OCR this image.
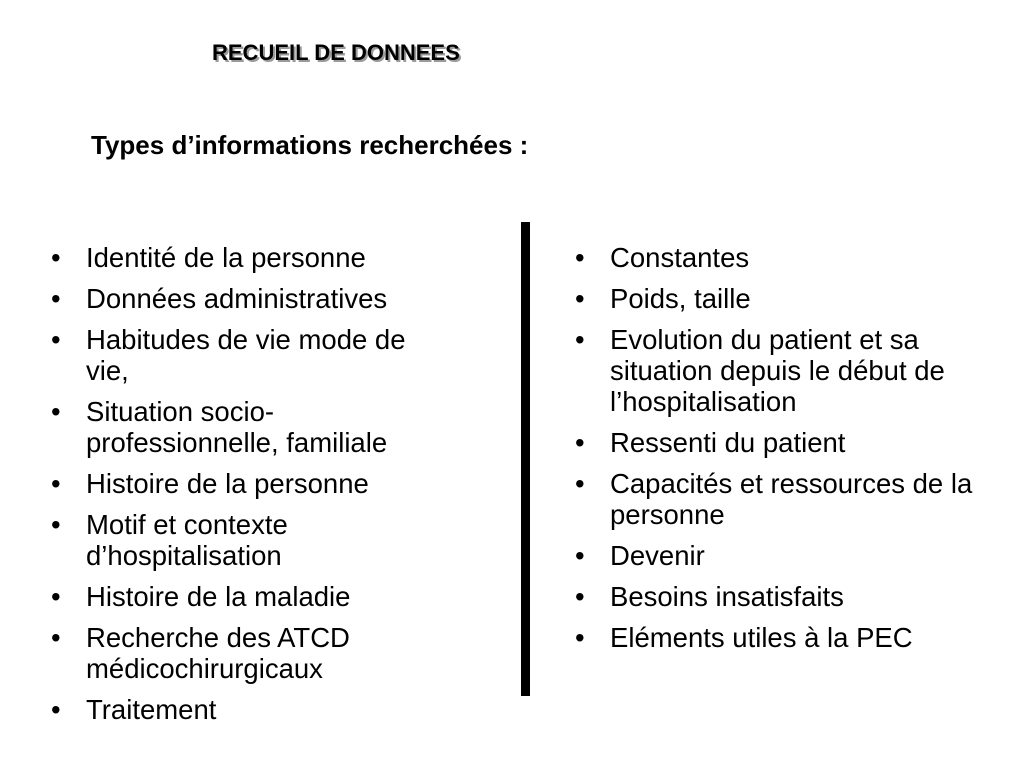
RECUEIL DE DONNEES
Types d’informations recherchées :
• Identité de la personne
• Données administratives
• Habitudes de vie mode de vie,
• Situation socio-professionnelle, familiale
• Histoire de la personne
• Motif et contexte d’hospitalisation
• Histoire de la maladie
• Recherche des ATCD médicochirurgicaux
• Traitement
• Constantes
• Poids, taille
• Evolution du patient et sa situation depuis le début de l’hospitalisation
• Ressenti du patient
• Capacités et ressources de la personne
• Devenir
• Besoins insatisfaits
• Eléments utiles à la PEC
